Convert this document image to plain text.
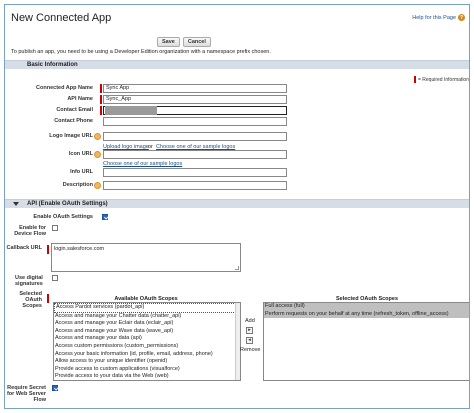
New Connected App	Help for this Page ?
Save	Cancel
To publish an app, you need to be using a Developer Edition organization with a namespace prefix chosen.
Basic Information
= Required Information
Connected App Name	Sync App
API Name	Sync_App
Contact Email
Contact Phone
Logo Image URL
Upload logo image or Choose one of our sample logos
Icon URL
Choose one of our sample logos
Info URL
Description
API (Enable OAuth Settings)
Enable OAuth Settings
Enable for Device Flow
Callback URL	login.salesforce.com
Use digital signatures
Selected OAuth Scopes
Available OAuth Scopes
Access Pardot services (pardot_api)
Access and manage your Chatter data (chatter_api)
Access and manage your Eclair data (eclair_api)
Access and manage your Wave data (wave_api)
Access and manage your data (api)
Access custom permissions (custom_permissions)
Access your basic information (id, profile, email, address, phone)
Allow access to your unique identifier (openid)
Provide access to custom applications (visualforce)
Provide access to your data via the Web (web)
Add
▸
◂
Remove
Selected OAuth Scopes
Full access (full)
Perform requests on your behalf at any time (refresh_token, offline_access)
Require Secret for Web Server Flow
